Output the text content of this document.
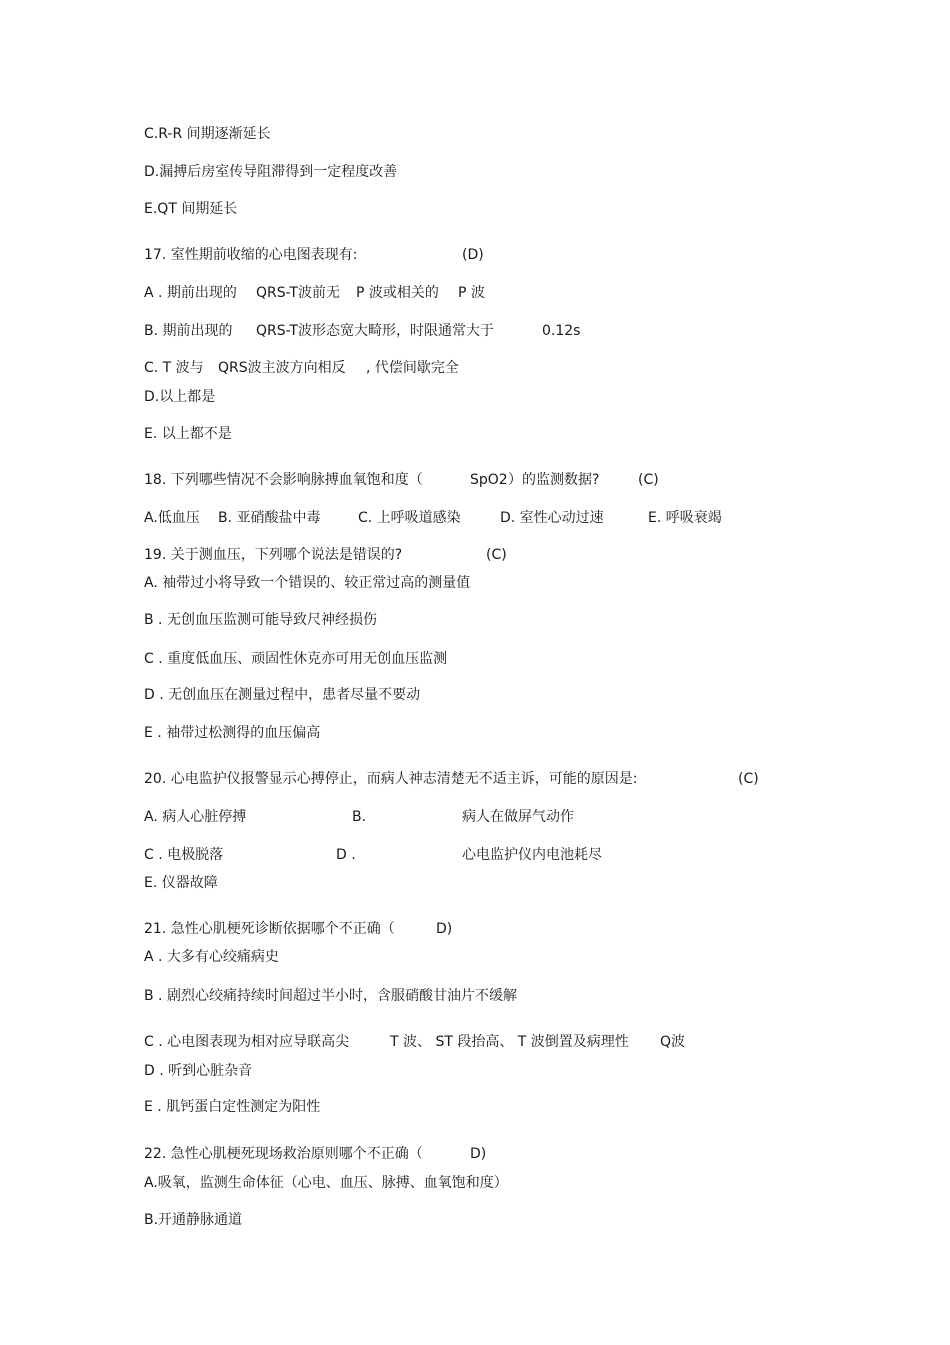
C.R-R 间期逐渐延长
D.漏搏后房室传导阻滞得到一定程度改善
E.QT 间期延长
17. 室性期前收缩的心电图表现有:	(D)
A . 期前出现的 QRS-T波前无 P 波或相关的 P 波
B. 期前出现的 QRS-T波形态宽大畸形，时限通常大于	0.12s
C. T 波与 QRS波主波方向相反 , 代偿间歇完全
D.以上都是
E. 以上都不是
18. 下列哪些情况不会影响脉搏血氧饱和度（	SpO2 ）的监测数据?	(C)
A.低血压 B. 亚硝酸盐中毒	C. 上呼吸道感染	D. 室性心动过速	E. 呼吸衰竭
19. 关于测血压，下列哪个说法是错误的?	(C)
A. 袖带过小将导致一个错误的、较正常过高的测量值
B . 无创血压监测可能导致尺神经损伤
C . 重度低血压、顽固性休克亦可用无创血压监测
D . 无创血压在测量过程中，患者尽量不要动
E . 袖带过松测得的血压偏高
20. 心电监护仪报警显示心搏停止，而病人神志清楚无不适主诉，可能的原因是:	(C)
A. 病人心脏停搏	B.	病人在做屏气动作
C . 电极脱落	D .	心电监护仪内电池耗尽
E. 仪器故障
21. 急性心肌梗死诊断依据哪个不正确（	D)
A . 大多有心绞痛病史
B . 剧烈心绞痛持续时间超过半小时，含服硝酸甘油片不缓解
C . 心电图表现为相对应导联高尖	T 波、 ST 段抬高、 T 波倒置及病理性 Q波
D . 听到心脏杂音
E . 肌钙蛋白定性测定为阳性
22. 急性心肌梗死现场救治原则哪个不正确（	D)
A.吸氧，监测生命体征（心电、血压、脉搏、血氧饱和度）
B.开通静脉通道
